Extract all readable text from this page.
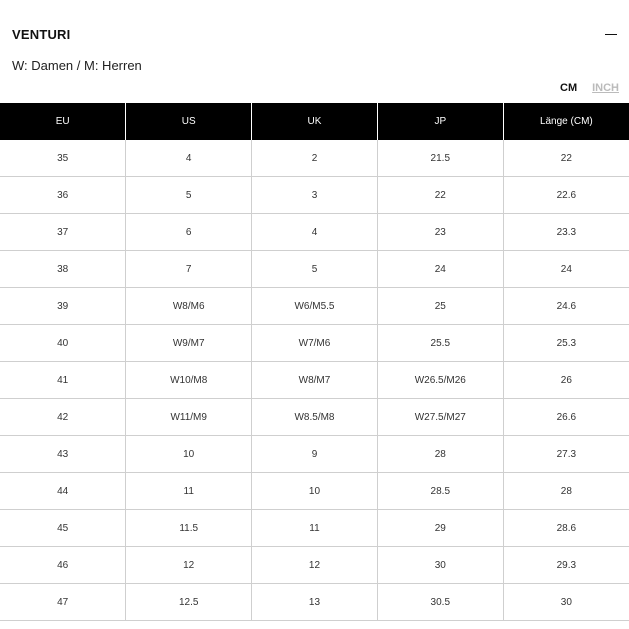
VENTURI
W: Damen / M: Herren
CM INCH
EU	US	UK	JP	Länge (CM)
35	4	2	21.5	22
36	5	3	22	22.6
37	6	4	23	23.3
38	7	5	24	24
39	W8/M6	W6/M5.5	25	24.6
40	W9/M7	W7/M6	25.5	25.3
41	W10/M8	W8/M7	W26.5/M26	26
42	W11/M9	W8.5/M8	W27.5/M27	26.6
43	10	9	28	27.3
44	11	10	28.5	28
45	11.5	11	29	28.6
46	12	12	30	29.3
47	12.5	13	30.5	30
